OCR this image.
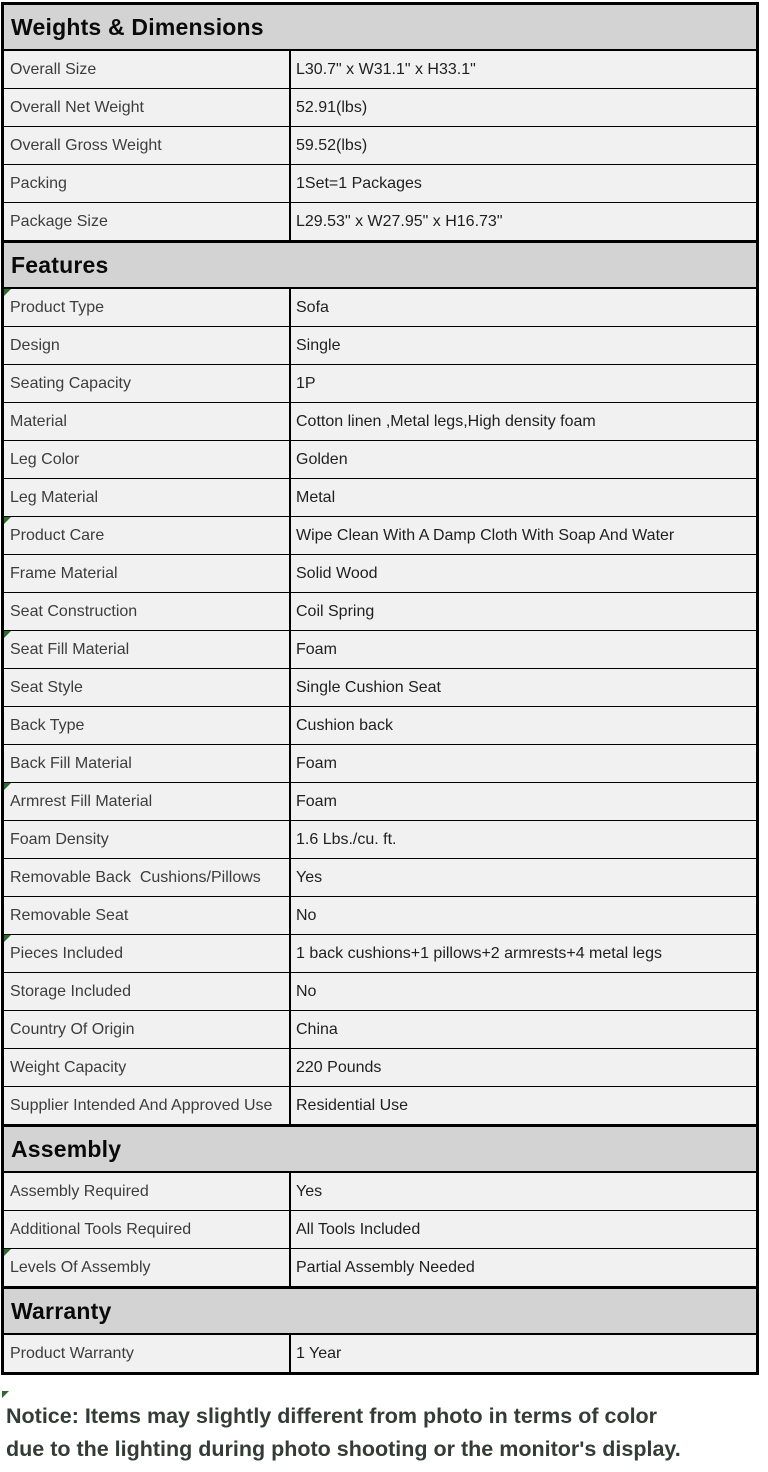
Weights & Dimensions
Overall Size	L30.7" x W31.1" x H33.1"
Overall Net Weight	52.91(lbs)
Overall Gross Weight	59.52(lbs)
Packing	1Set=1 Packages
Package Size	L29.53" x W27.95" x H16.73"
Features
Product Type	Sofa
Design	Single
Seating Capacity	1P
Material	Cotton linen ,Metal legs,High density foam
Leg Color	Golden
Leg Material	Metal
Product Care	Wipe Clean With A Damp Cloth With Soap And Water
Frame Material	Solid Wood
Seat Construction	Coil Spring
Seat Fill Material	Foam
Seat Style	Single Cushion Seat
Back Type	Cushion back
Back Fill Material	Foam
Armrest Fill Material	Foam
Foam Density	1.6 Lbs./cu. ft.
Removable Back  Cushions/Pillows	Yes
Removable Seat	No
Pieces Included	1 back cushions+1 pillows+2 armrests+4 metal legs
Storage Included	No
Country Of Origin	China
Weight Capacity	220 Pounds
Supplier Intended And Approved Use	Residential Use
Assembly
Assembly Required	Yes
Additional Tools Required	All Tools Included
Levels Of Assembly	Partial Assembly Needed
Warranty
Product Warranty	1 Year
Notice: Items may slightly different from photo in terms of color
due to the lighting during photo shooting or the monitor's display.
